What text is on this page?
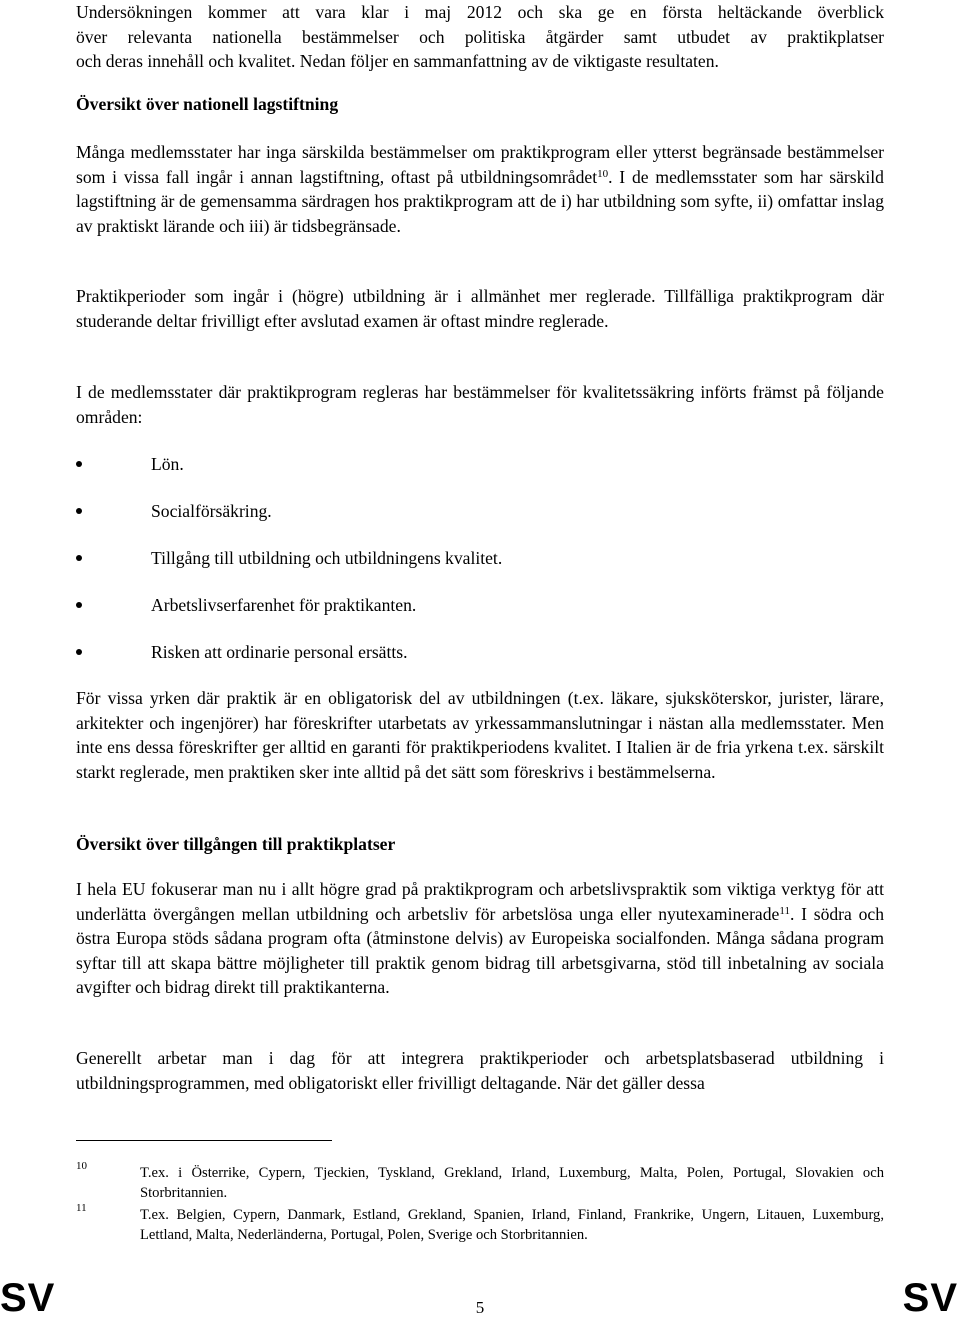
Undersökningen kommer att vara klar i maj 2012 och ska ge en första heltäckande överblick

över relevanta nationella bestämmelser och politiska åtgärder samt utbudet av praktikplatser

och deras innehåll och kvalitet. Nedan följer en sammanfattning av de viktigaste resultaten.

Översikt över nationell lagstiftning

Många medlemsstater har inga särskilda bestämmelser om praktikprogram eller ytterst begränsade bestämmelser som i vissa fall ingår i annan lagstiftning, oftast på utbildningsområdet$^{10}$. I de medlemsstater som har särskild lagstiftning är de gemensamma särdragen hos praktikprogram att de i) har utbildning som syfte, ii) omfattar inslag av praktiskt lärande och iii) är tidsbegränsade.

Praktikperioder som ingår i (högre) utbildning är i allmänhet mer reglerade. Tillfälliga praktikprogram där studerande deltar frivilligt efter avslutad examen är oftast mindre reglerade.

I de medlemsstater där praktikprogram regleras har bestämmelser för kvalitetssäkring införts främst på följande områden:

Lön.
Socialförsäkring.
Tillgång till utbildning och utbildningens kvalitet.
Arbetslivserfarenhet för praktikanten.
Risken att ordinarie personal ersätts.

För vissa yrken där praktik är en obligatorisk del av utbildningen (t.ex. läkare, sjuksköterskor, jurister, lärare, arkitekter och ingenjörer) har föreskrifter utarbetats av yrkessammanslutningar i nästan alla medlemsstater. Men inte ens dessa föreskrifter ger alltid en garanti för praktikperiodens kvalitet. I Italien är de fria yrkena t.ex. särskilt starkt reglerade, men praktiken sker inte alltid på det sätt som föreskrivs i bestämmelserna.

Översikt över tillgången till praktikplatser

I hela EU fokuserar man nu i allt högre grad på praktikprogram och arbetslivspraktik som viktiga verktyg för att underlätta övergången mellan utbildning och arbetsliv för arbetslösa unga eller nyutexaminerade$^{11}$. I södra och östra Europa stöds sådana program ofta (åtminstone delvis) av Europeiska socialfonden. Många sådana program syftar till att skapa bättre möjligheter till praktik genom bidrag till arbetsgivarna, stöd till inbetalning av sociala avgifter och bidrag direkt till praktikanterna.

Generellt arbetar man i dag för att integrera praktikperioder och arbetsplatsbaserad utbildning i utbildningsprogrammen, med obligatoriskt eller frivilligt deltagande. När det gäller dessa

10	T.ex. i Österrike, Cypern, Tjeckien, Tyskland, Grekland, Irland, Luxemburg, Malta, Polen, Portugal, Slovakien och Storbritannien.
11	T.ex. Belgien, Cypern, Danmark, Estland, Grekland, Spanien, Irland, Finland, Frankrike, Ungern, Litauen, Luxemburg, Lettland, Malta, Nederländerna, Portugal, Polen, Sverige och Storbritannien.
SV	5	SV
